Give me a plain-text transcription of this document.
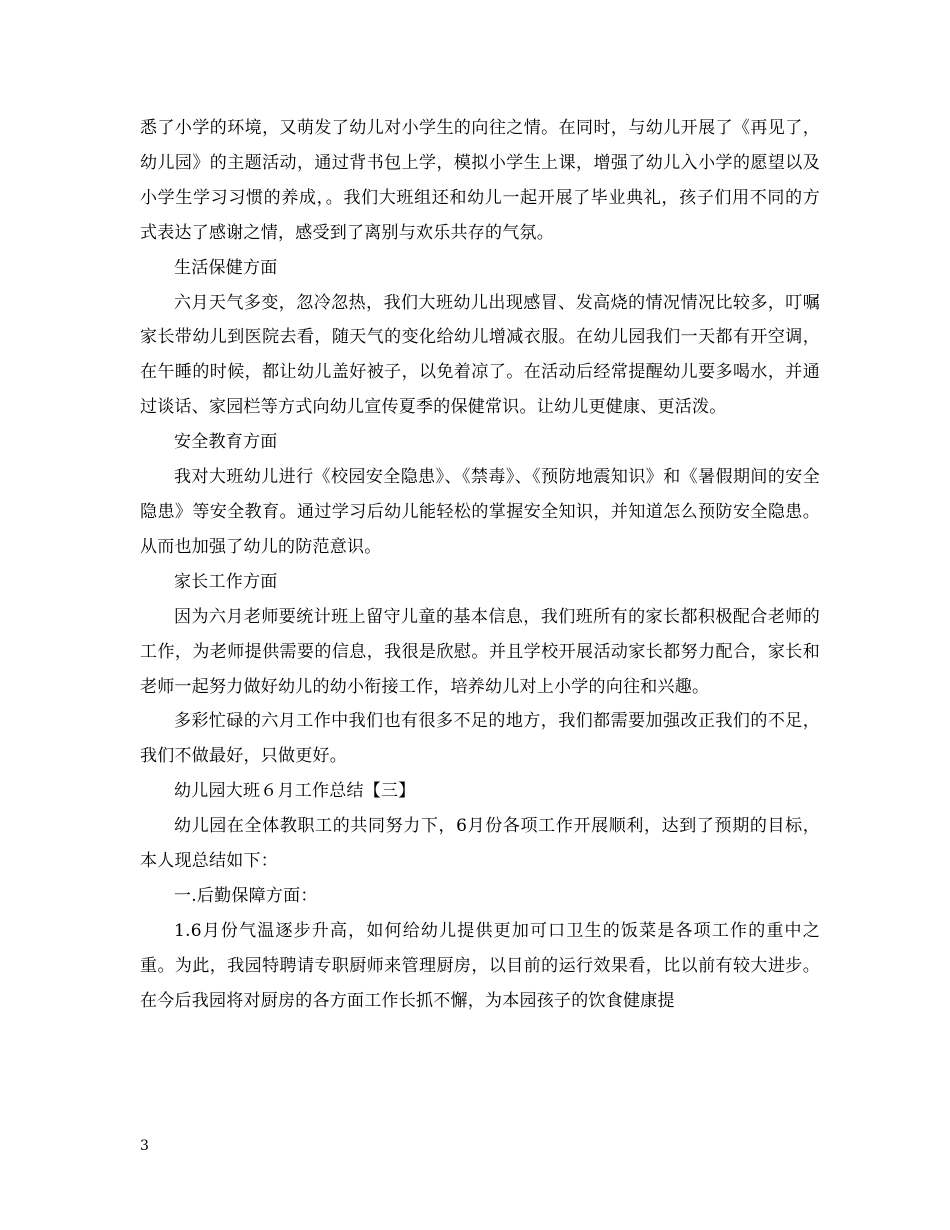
悉了小学的环境，又萌发了幼儿对小学生的向往之情。在同时，与幼儿开展了《再见了，幼儿园》的主题活动，通过背书包上学，模拟小学生上课，增强了幼儿入小学的愿望以及小学生学习习惯的养成，。我们大班组还和幼儿一起开展了毕业典礼，孩子们用不同的方式表达了感谢之情，感受到了离别与欢乐共存的气氛。

生活保健方面

六月天气多变，忽冷忽热，我们大班幼儿出现感冒、发高烧的情况情况比较多，叮嘱家长带幼儿到医院去看，随天气的变化给幼儿增减衣服。在幼儿园我们一天都有开空调，在午睡的时候，都让幼儿盖好被子，以免着凉了。在活动后经常提醒幼儿要多喝水，并通过谈话、家园栏等方式向幼儿宣传夏季的保健常识。让幼儿更健康、更活泼。

安全教育方面

我对大班幼儿进行《校园安全隐患》、《禁毒》、《预防地震知识》和《暑假期间的安全隐患》等安全教育。通过学习后幼儿能轻松的掌握安全知识，并知道怎么预防安全隐患。从而也加强了幼儿的防范意识。

家长工作方面

因为六月老师要统计班上留守儿童的基本信息，我们班所有的家长都积极配合老师的工作，为老师提供需要的信息，我很是欣慰。并且学校开展活动家长都努力配合，家长和老师一起努力做好幼儿的幼小衔接工作，培养幼儿对上小学的向往和兴趣。

多彩忙碌的六月工作中我们也有很多不足的地方，我们都需要加强改正我们的不足，我们不做最好，只做更好。

幼儿园大班６月工作总结【三】

幼儿园在全体教职工的共同努力下，6月份各项工作开展顺利，达到了预期的目标，本人现总结如下：

一.后勤保障方面：

1.6月份气温逐步升高，如何给幼儿提供更加可口卫生的饭菜是各项工作的重中之重。为此，我园特聘请专职厨师来管理厨房，以目前的运行效果看，比以前有较大进步。在今后我园将对厨房的各方面工作长抓不懈，为本园孩子的饮食健康提

3
